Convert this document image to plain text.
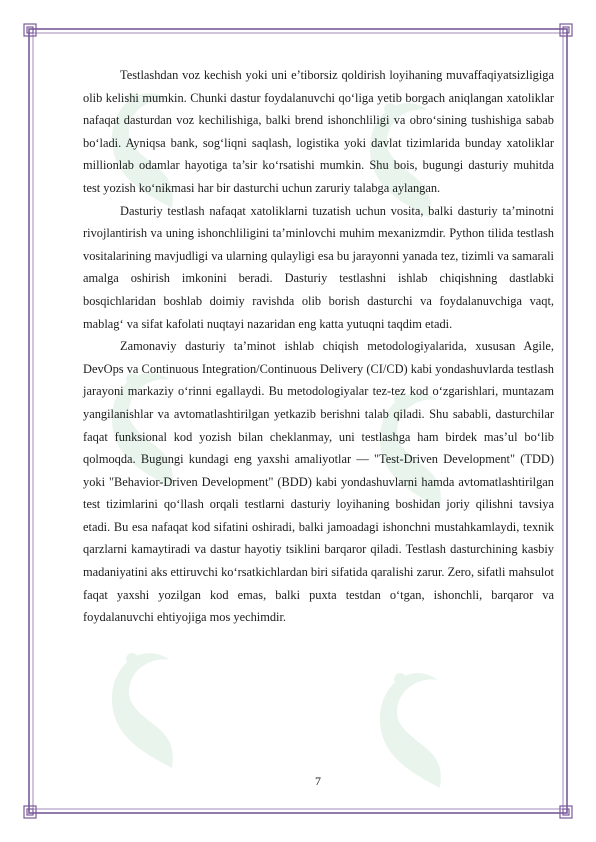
Testlashdan voz kechish yoki uni e’tiborsiz qoldirish loyihaning muvaffaqiyatsizligiga olib kelishi mumkin. Chunki dastur foydalanuvchi qo‘liga yetib borgach aniqlangan xatoliklar nafaqat dasturdan voz kechilishiga, balki brend ishonchliligi va obro‘sining tushishiga sabab bo‘ladi. Ayniqsa bank, sog‘liqni saqlash, logistika yoki davlat tizimlarida bunday xatoliklar millionlab odamlar hayotiga ta’sir ko‘rsatishi mumkin. Shu bois, bugungi dasturiy muhitda test yozish ko‘nikmasi har bir dasturchi uchun zaruriy talabga aylangan.

Dasturiy testlash nafaqat xatoliklarni tuzatish uchun vosita, balki dasturiy ta’minotni rivojlantirish va uning ishonchliligini ta’minlovchi muhim mexanizmdir. Python tilida testlash vositalarining mavjudligi va ularning qulayligi esa bu jarayonni yanada tez, tizimli va samarali amalga oshirish imkonini beradi. Dasturiy testlashni ishlab chiqishning dastlabki bosqichlaridan boshlab doimiy ravishda olib borish dasturchi va foydalanuvchiga vaqt, mablag‘ va sifat kafolati nuqtayi nazaridan eng katta yutuqni taqdim etadi.

Zamonaviy dasturiy ta’minot ishlab chiqish metodologiyalarida, xususan Agile, DevOps va Continuous Integration/Continuous Delivery (CI/CD) kabi yondashuvlarda testlash jarayoni markaziy o‘rinni egallaydi. Bu metodologiyalar tez-tez kod o‘zgarishlari, muntazam yangilanishlar va avtomatlashtirilgan yetkazib berishni talab qiladi. Shu sababli, dasturchilar faqat funksional kod yozish bilan cheklanmay, uni testlashga ham birdek mas’ul bo‘lib qolmoqda. Bugungi kundagi eng yaxshi amaliyotlar — "Test-Driven Development" (TDD) yoki "Behavior-Driven Development" (BDD) kabi yondashuvlarni hamda avtomatlashtirilgan test tizimlarini qo‘llash orqali testlarni dasturiy loyihaning boshidan joriy qilishni tavsiya etadi. Bu esa nafaqat kod sifatini oshiradi, balki jamoadagi ishonchni mustahkamlaydi, texnik qarzlarni kamaytiradi va dastur hayotiy tsiklini barqaror qiladi. Testlash dasturchining kasbiy madaniyatini aks ettiruvchi ko‘rsatkichlardan biri sifatida qaralishi zarur. Zero, sifatli mahsulot faqat yaxshi yozilgan kod emas, balki puxta testdan o‘tgan, ishonchli, barqaror va foydalanuvchi ehtiyojiga mos yechimdir.

7
